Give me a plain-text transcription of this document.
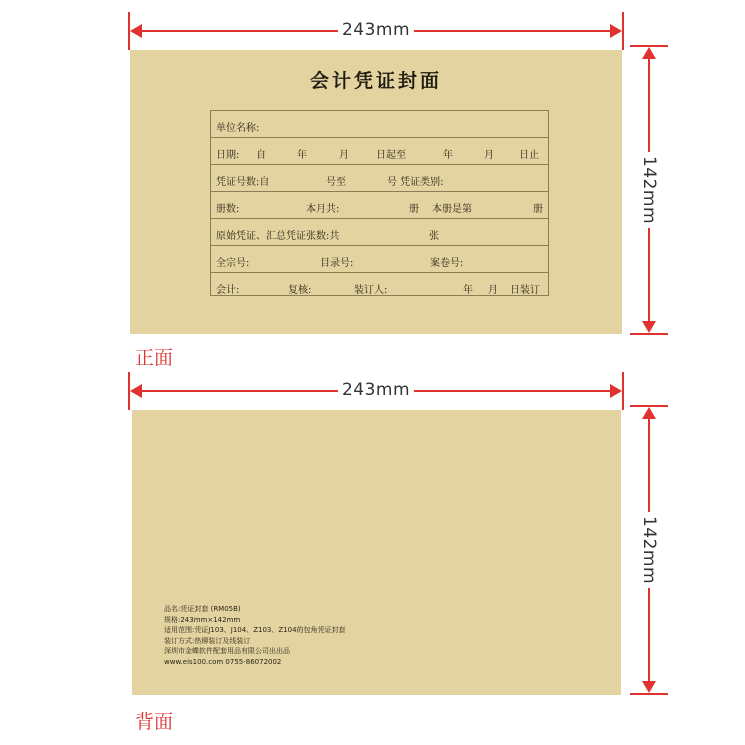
243mm
会计凭证封面
单位名称:
日期: 自	年	月	日起至	年	月	日止
凭证号数:自	号至	号 凭证类别:
册数:	本月共:	册 本册是第	册
原始凭证、汇总凭证张数:共	张
全宗号:	目录号:	案卷号:
会计:	复核:	装订人:	年 月 日装订
142mm
正面
243mm
品名:凭证封套 (RM05B)
规格:243mm×142mm
适用范围:凭证J103、J104、Z103、Z104的包角凭证封套
装订方式:热铆装订及线装订
深圳市金蝶软件配套用品有限公司出出品
www.eis100.com 0755-86072002
142mm
背面
